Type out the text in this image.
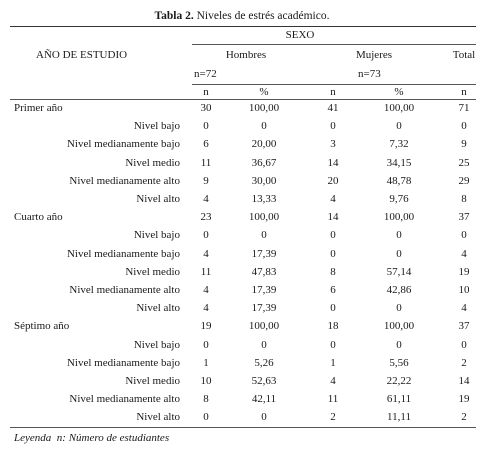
Tabla 2. Niveles de estrés académico.
SEXO
AÑO DE ESTUDIO	Hombres	Mujeres	Total
n=72	n=73
n	%	n	%	n
Primer año	30	100,00	41	100,00	71
Nivel bajo	0	0	0	0	0
Nivel medianamente bajo	6	20,00	3	7,32	9
Nivel medio	11	36,67	14	34,15	25
Nivel medianamente alto	9	30,00	20	48,78	29
Nivel alto	4	13,33	4	9,76	8
Cuarto año	23	100,00	14	100,00	37
Nivel bajo	0	0	0	0	0
Nivel medianamente bajo	4	17,39	0	0	4
Nivel medio	11	47,83	8	57,14	19
Nivel medianamente alto	4	17,39	6	42,86	10
Nivel alto	4	17,39	0	0	4
Séptimo año	19	100,00	18	100,00	37
Nivel bajo	0	0	0	0	0
Nivel medianamente bajo	1	5,26	1	5,56	2
Nivel medio	10	52,63	4	22,22	14
Nivel medianamente alto	8	42,11	11	61,11	19
Nivel alto	0	0	2	11,11	2
Leyenda n: Número de estudiantes
